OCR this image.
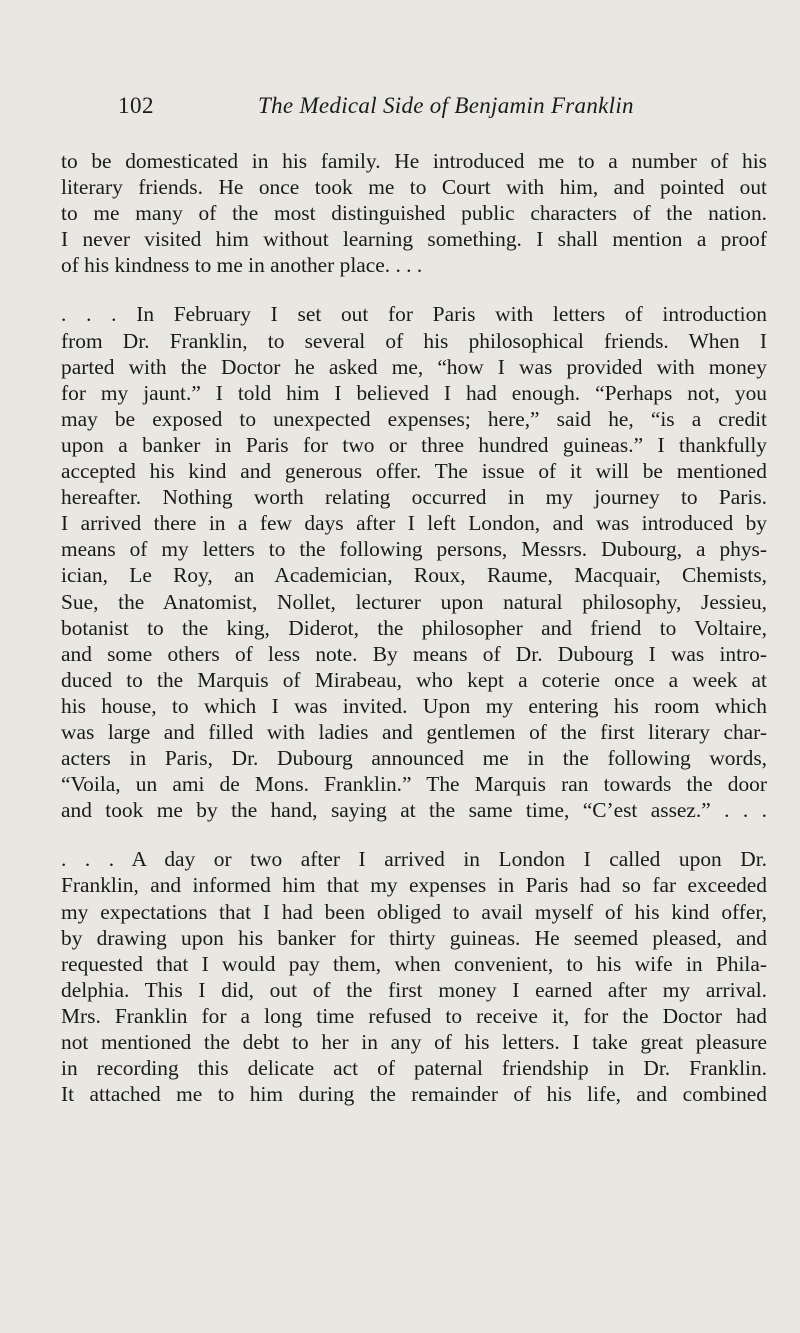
102	The Medical Side of Benjamin Franklin

to be domesticated in his family. He introduced me to a number of his
literary friends. He once took me to Court with him, and pointed out
to me many of the most distinguished public characters of the nation.
I never visited him without learning something. I shall mention a proof
of his kindness to me in another place. . . .

. . . In February I set out for Paris with letters of introduction
from Dr. Franklin, to several of his philosophical friends. When I
parted with the Doctor he asked me, “how I was provided with money
for my jaunt.” I told him I believed I had enough. “Perhaps not, you
may be exposed to unexpected expenses; here,” said he, “is a credit
upon a banker in Paris for two or three hundred guineas.” I thankfully
accepted his kind and generous offer. The issue of it will be mentioned
hereafter. Nothing worth relating occurred in my journey to Paris.
I arrived there in a few days after I left London, and was introduced by
means of my letters to the following persons, Messrs. Dubourg, a phys-
ician, Le Roy, an Academician, Roux, Raume, Macquair, Chemists,
Sue, the Anatomist, Nollet, lecturer upon natural philosophy, Jessieu,
botanist to the king, Diderot, the philosopher and friend to Voltaire,
and some others of less note. By means of Dr. Dubourg I was intro-
duced to the Marquis of Mirabeau, who kept a coterie once a week at
his house, to which I was invited. Upon my entering his room which
was large and filled with ladies and gentlemen of the first literary char-
acters in Paris, Dr. Dubourg announced me in the following words,
“Voila, un ami de Mons. Franklin.” The Marquis ran towards the door
and took me by the hand, saying at the same time, “C’est assez.” . . .

. . . A day or two after I arrived in London I called upon Dr.
Franklin, and informed him that my expenses in Paris had so far exceeded
my expectations that I had been obliged to avail myself of his kind offer,
by drawing upon his banker for thirty guineas. He seemed pleased, and
requested that I would pay them, when convenient, to his wife in Phila-
delphia. This I did, out of the first money I earned after my arrival.
Mrs. Franklin for a long time refused to receive it, for the Doctor had
not mentioned the debt to her in any of his letters. I take great pleasure
in recording this delicate act of paternal friendship in Dr. Franklin.
It attached me to him during the remainder of his life, and combined
